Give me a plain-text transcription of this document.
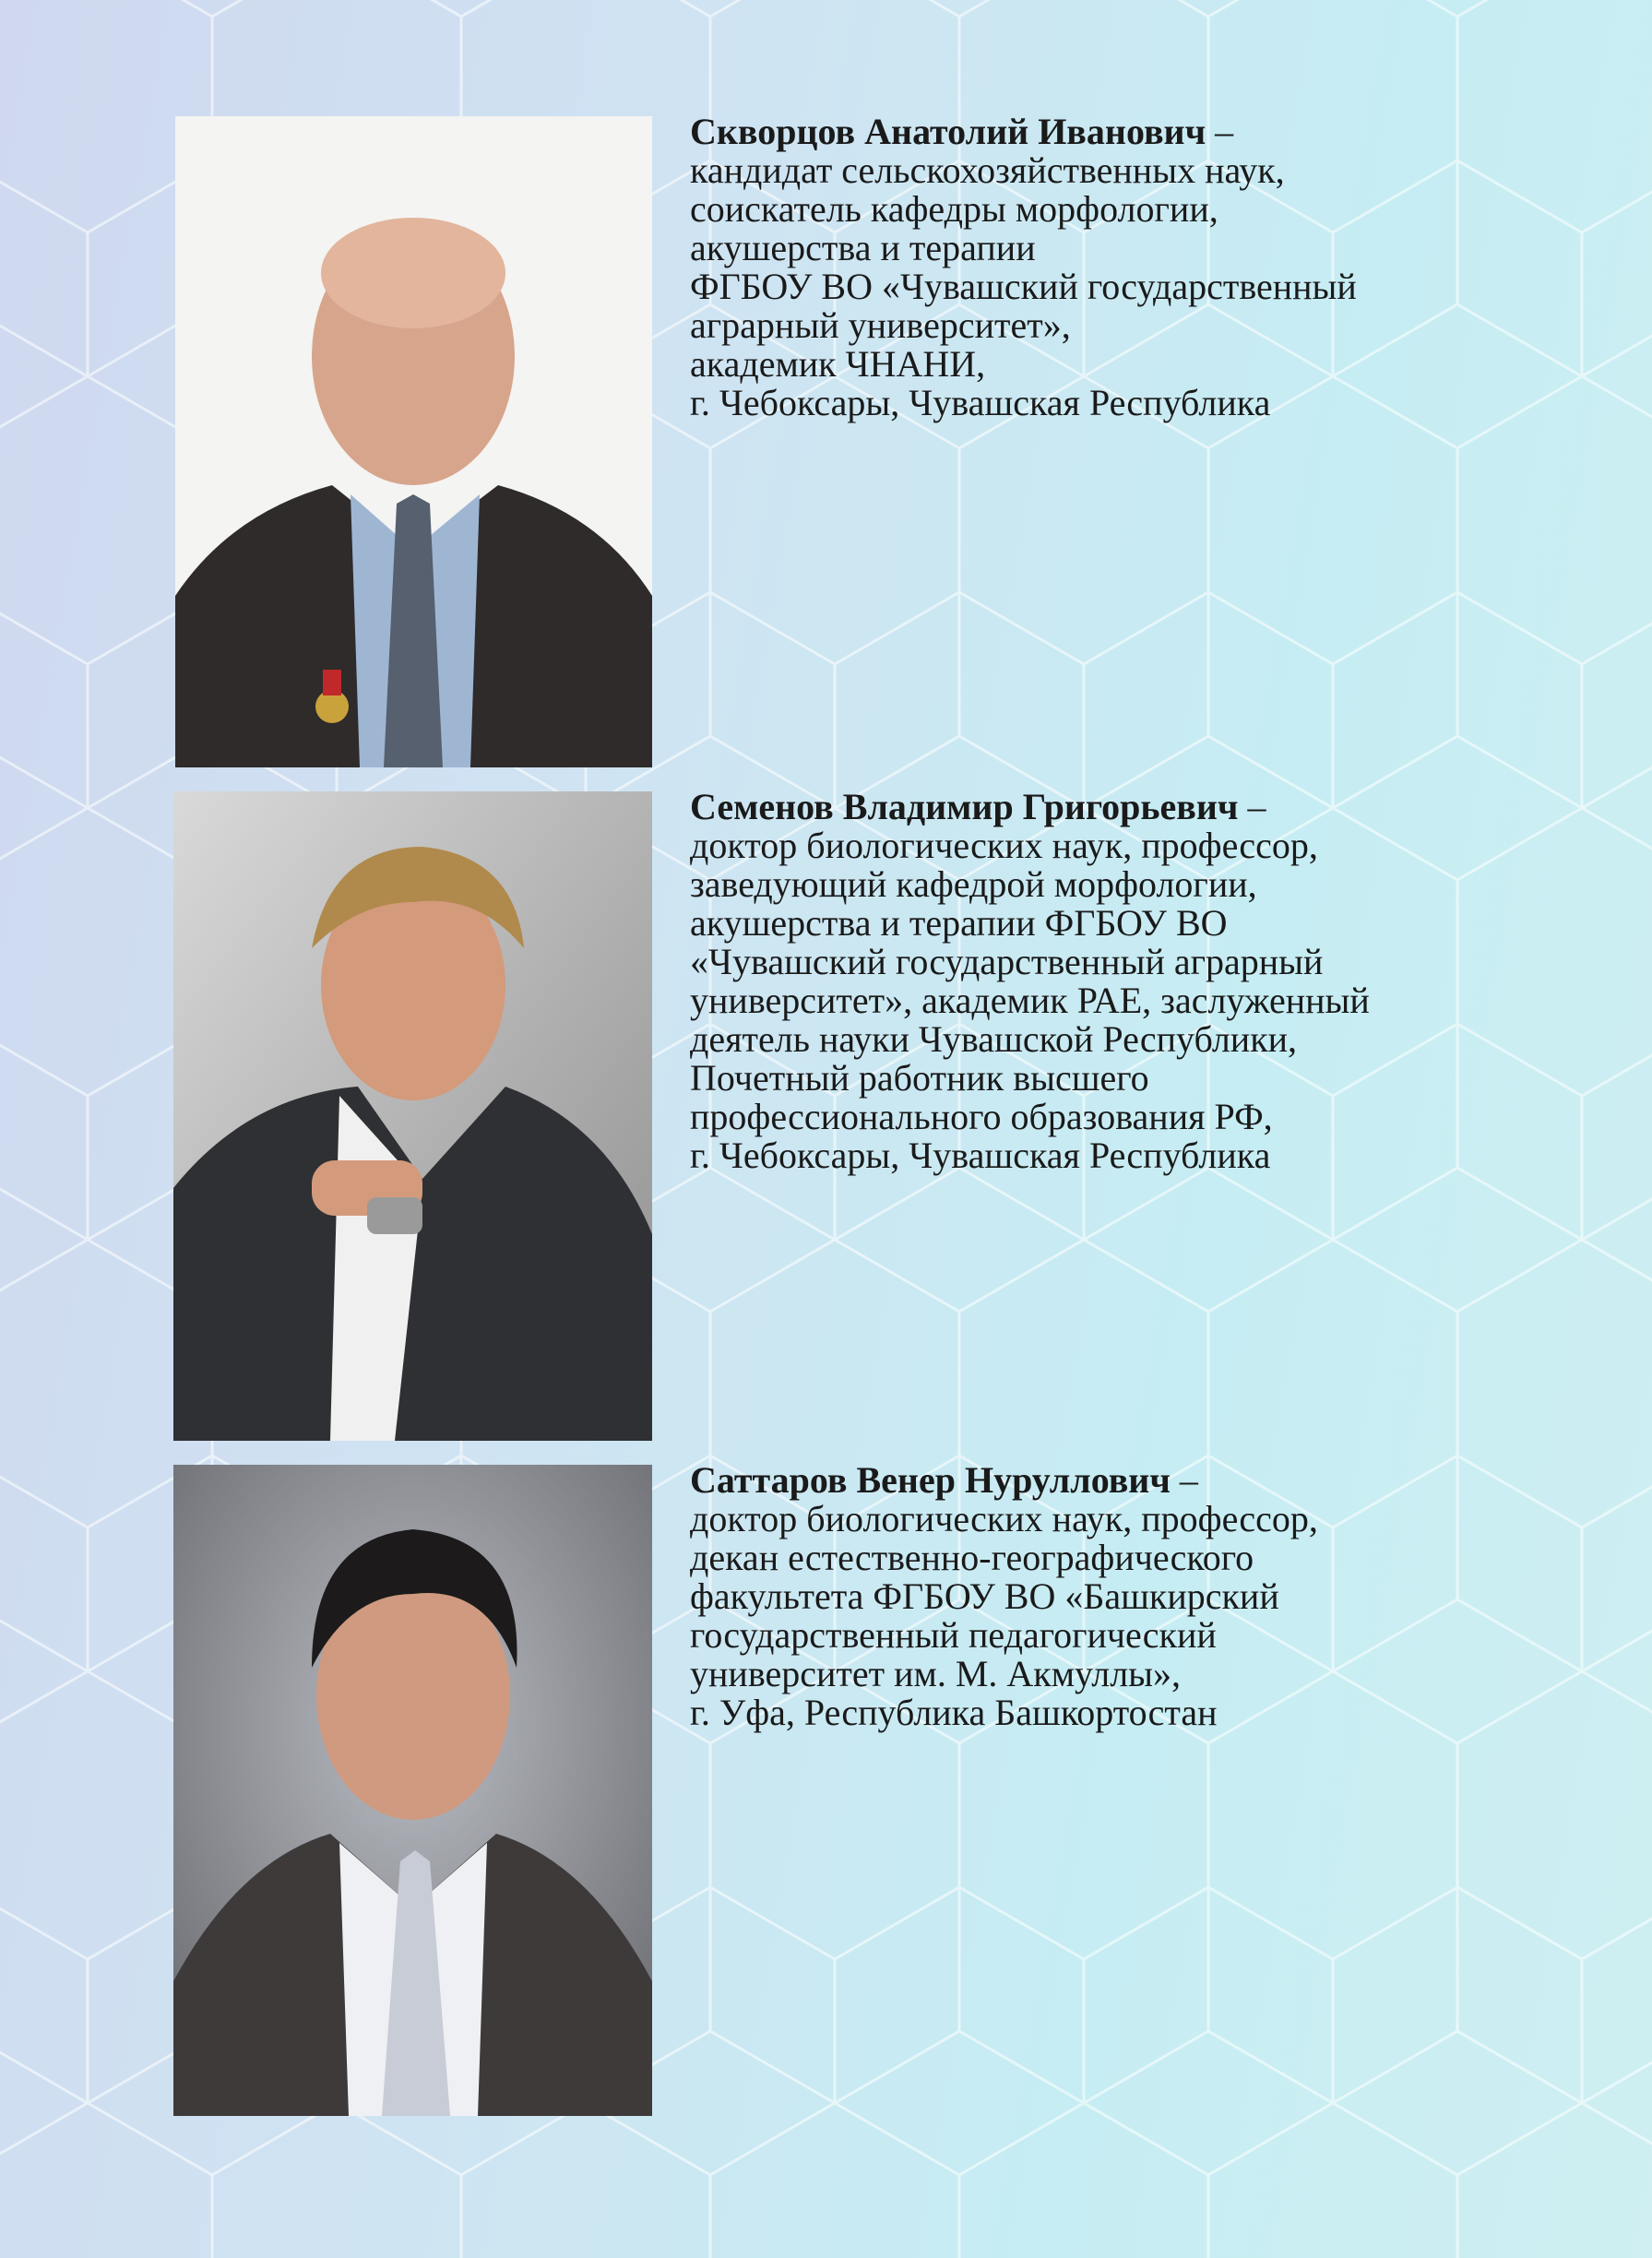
Скворцов Анатолий Иванович –
кандидат сельскохозяйственных наук,
соискатель кафедры морфологии,
акушерства и терапии
ФГБОУ ВО «Чувашский государственный
аграрный университет»,
академик ЧНАНИ,
г. Чебоксары, Чувашская Республика
Семенов Владимир Григорьевич –
доктор биологических наук, профессор,
заведующий кафедрой морфологии,
акушерства и терапии ФГБОУ ВО
«Чувашский государственный аграрный
университет», академик РАЕ, заслуженный
деятель науки Чувашской Республики,
Почетный работник высшего
профессионального образования РФ,
г. Чебоксары, Чувашская Республика
Саттаров Венер Нуруллович –
доктор биологических наук, профессор,
декан естественно-географического
факультета ФГБОУ ВО «Башкирский
государственный педагогический
университет им. М. Акмуллы»,
г. Уфа, Республика Башкортостан
